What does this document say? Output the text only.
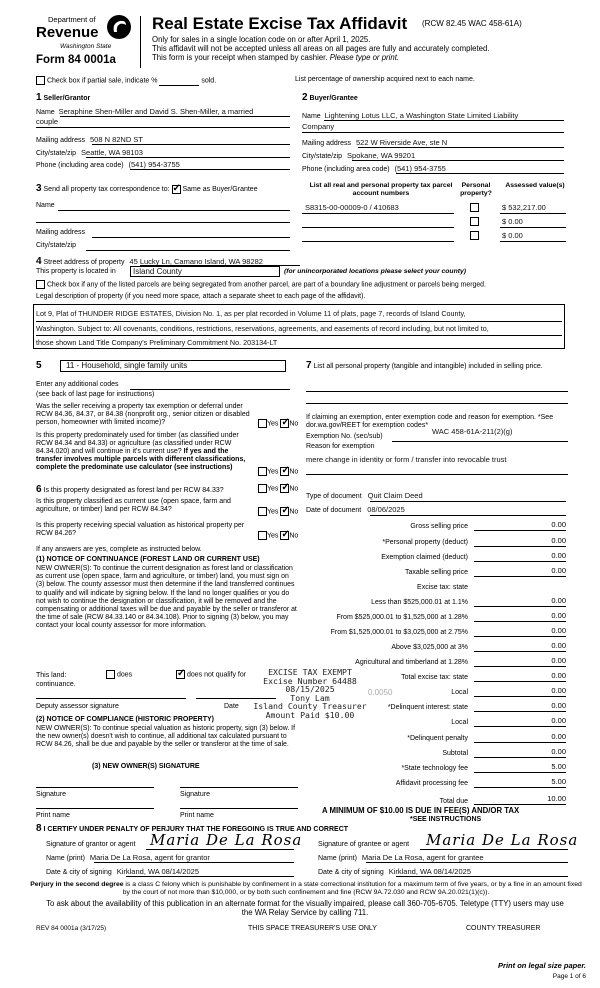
Department of
Revenue
Washington State
Form 84 0001a
Real Estate Excise Tax Affidavit (RCW 82.45 WAC 458-61A)
Only for sales in a single location code on or after April 1, 2025.
This affidavit will not be accepted unless all areas on all pages are fully and accurately completed.
This form is your receipt when stamped by cashier. Please type or print.
Check box if partial sale, indicate %	sold.	List percentage of ownership acquired next to each name.
1 Seller/Grantor
Name Seraphine Shen-Miller and David S. Shen-Miller, a married
couple
Mailing address 508 N 82ND ST
City/state/zip Seattle, WA 98103
Phone (including area code) (541) 954-3755
2 Buyer/Grantee
Name Lightening Lotus LLC, a Washington State Limited Liability
Company
Mailing address 522 W Riverside Ave, ste N
City/state/zip Spokane, WA 99201
Phone (including area code) (541) 954-3755
3 Send all property tax correspondence to: ✓ Same as Buyer/Grantee
Name
Mailing address
City/state/zip
List all real and personal property tax parcel account numbers
Personal property?
Assessed value(s)
S8315-00-00009-0 / 410683	$ 532,217.00
$ 0.00
$ 0.00
4 Street address of property 45 Lucky Ln, Camano Island, WA 98282
This property is located in	Island County	(for unincorporated locations please select your county)
Check box if any of the listed parcels are being segregated from another parcel, are part of a boundary line adjustment or parcels being merged.
Legal description of property (if you need more space, attach a separate sheet to each page of the affidavit).
Lot 9, Plat of THUNDER RIDGE ESTATES, Division No. 1, as per plat recorded in Volume 11 of plats, page 7, records of Island County,
Washington. Subject to: All covenants, conditions, restrictions, reservations, agreements, and easements of record including, but not limited to,
those shown Land Title Company's Preliminary Commitment No. 203134-LT
5	11 - Household, single family units
Enter any additional codes
(see back of last page for instructions)
Was the seller receiving a property tax exemption or deferral under RCW 84.36, 84.37, or 84.38 (nonprofit org., senior citizen or disabled person, homeowner with limited income)?	Yes ✓ No
Is this property predominately used for timber (as classified under RCW 84.34 and 84.33) or agriculture (as classified under RCW 84.34.020) and will continue in it's current use? If yes and the transfer involves multiple parcels with different classifications, complete the predominate use calculator (see instructions)
Yes ✓ No
6 Is this property designated as forest land per RCW 84.33?	Yes ✓ No
Is this property classified as current use (open space, farm and agriculture, or timber) land per RCW 84.34?	Yes ✓ No
Is this property receiving special valuation as historical property per RCW 84.26?	Yes ✓ No
If any answers are yes, complete as instructed below.
(1) NOTICE OF CONTINUANCE (FOREST LAND OR CURRENT USE)
NEW OWNER(S): To continue the current designation as forest land or classification as current use (open space, farm and agriculture, or timber) land, you must sign on (3) below. The county assessor must then determine if the land transferred continues to qualify and will indicate by signing below. If the land no longer qualifies or you do not wish to continue the designation or classification, it will be removed and the compensating or additional taxes will be due and payable by the seller or transferor at the time of sale (RCW 84.33.140 or 84.34.108). Prior to signing (3) below, you may contact your local county assessor for more information.
This land:	does ✓	does not qualify for
continuance.
Deputy assessor signature	Date
(2) NOTICE OF COMPLIANCE (HISTORIC PROPERTY)
NEW OWNER(S): To continue special valuation as historic property, sign (3) below. If the new owner(s) doesn't wish to continue, all additional tax calculated pursuant to RCW 84.26, shall be due and payable by the seller or transferor at the time of sale.
(3) NEW OWNER(S) SIGNATURE
Signature	Signature
Print name	Print name
7 List all personal property (tangible and intangible) included in selling price.
If claiming an exemption, enter exemption code and reason for exemption. *See dor.wa.gov/REET for exemption codes*
Exemption No. (sec/sub)
WAC 458-61A-211(2)(g)
Reason for exemption
mere change in identity or form / transfer into revocable trust
Type of document Quit Claim Deed
Date of document 08/06/2025
Gross selling price	0.00
*Personal property (deduct)	0.00
Exemption claimed (deduct)	0.00
Taxable selling price	0.00
Excise tax: state
Less than $525,000.01 at 1.1%	0.00
From $525,000.01 to $1,525,000 at 1.28%	0.00
From $1,525,000.01 to $3,025,000 at 2.75%	0.00
Above $3,025,000 at 3%	0.00
Agricultural and timberland at 1.28%	0.00
Total excise tax: state	0.00
0.0050	Local	0.00
*Delinquent interest: state	0.00
Local	0.00
*Delinquent penalty	0.00
Subtotal	0.00
*State technology fee	5.00
Affidavit processing fee	5.00
Total due	10.00
A MINIMUM OF $10.00 IS DUE IN FEE(S) AND/OR TAX
*SEE INSTRUCTIONS
EXCISE TAX EXEMPT
Excise Number 64488
08/15/2025
Tony Lam
Island County Treasurer
Amount Paid $10.00
8 I CERTIFY UNDER PENALTY OF PERJURY THAT THE FOREGOING IS TRUE AND CORRECT
Signature of grantor or agent Maria De La Rosa Signature of grantee or agent Maria De La Rosa
Name (print) Maria De La Rosa, agent for grantor	Name (print) Maria De La Rosa, agent for grantee
Date & city of signing Kirkland, WA 08/14/2025	Date & city of signing Kirkland, WA 08/14/2025
Perjury in the second degree is a class C felony which is punishable by confinement in a state correctional institution for a maximum term of five years, or by a fine in an amount fixed by the court of not more than $10,000, or by both such confinement and fine (RCW 9A.72.030 and RCW 9A.20.021(1)(c)).
To ask about the availability of this publication in an alternate format for the visually impaired, please call 360-705-6705. Teletype (TTY) users may use the WA Relay Service by calling 711.
REV 84 0001a (3/17/25)	THIS SPACE TREASURER'S USE ONLY	COUNTY TREASURER
Print on legal size paper.
Page 1 of 6
